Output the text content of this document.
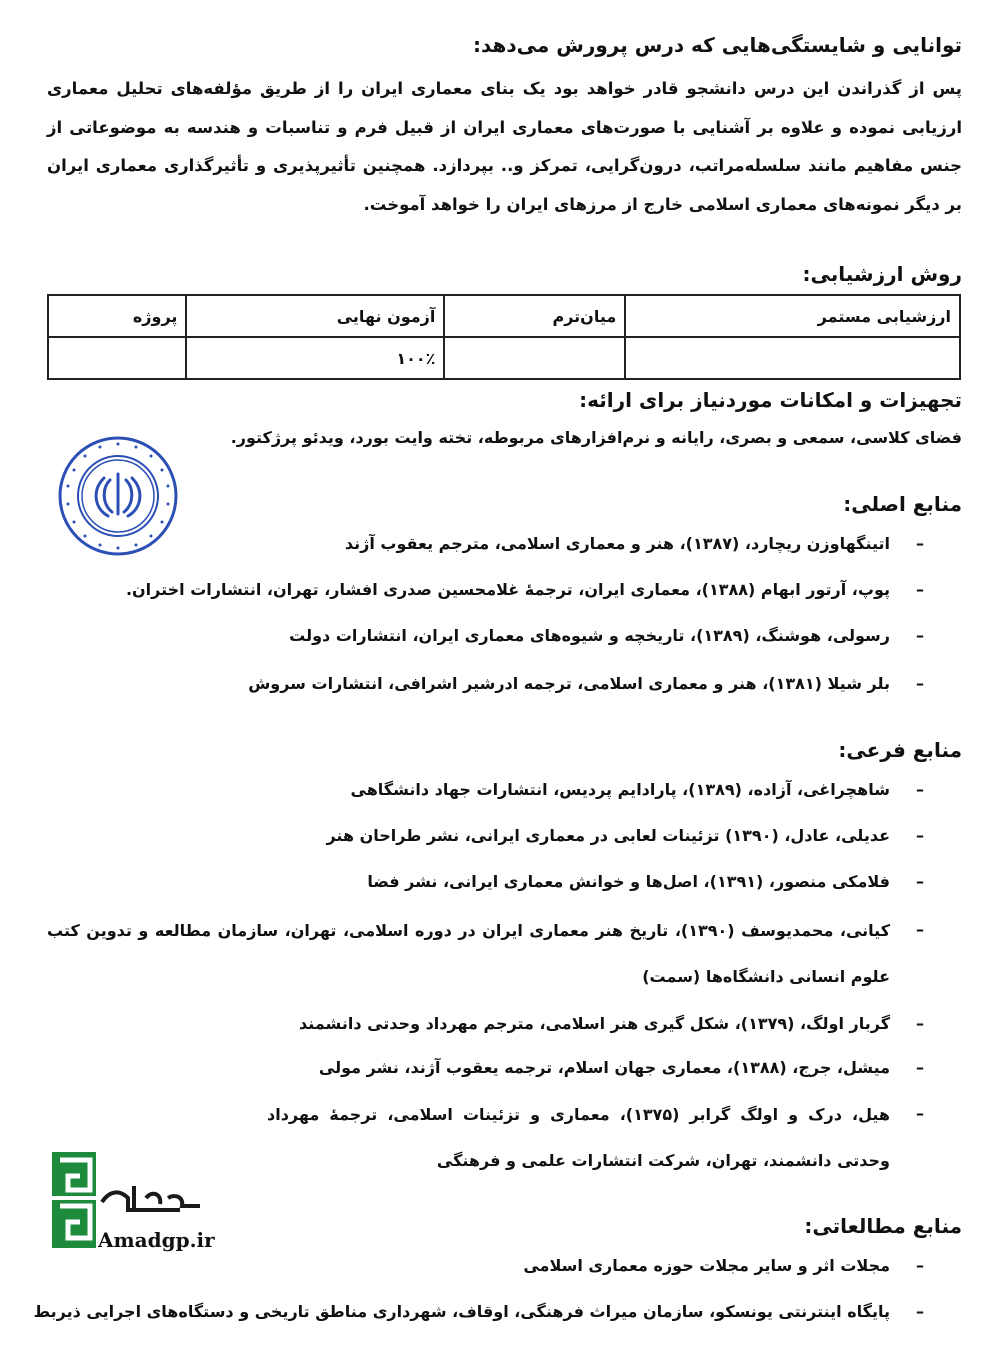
توانایی و شایستگی‌هایی که درس پرورش می‌دهد:
پس از گذراندن این درس دانشجو قادر خواهد بود یک بنای معماری ایران را از طریق مؤلفه‌های تحلیل معماری ارزیابی نموده و علاوه بر آشنایی با صورت‌های معماری ایران از قبیل فرم و تناسبات و هندسه به موضوعاتی از جنس مفاهیم مانند سلسله‌مراتب، درون‌گرایی، تمرکز و.. بپردازد. همچنین تأثیرپذیری و تأثیرگذاری معماری ایران بر دیگر نمونه‌های معماری اسلامی خارج از مرزهای ایران را خواهد آموخت.
روش ارزشیابی:
ارزشیابی مستمر	میان‌ترم	آزمون نهایی	پروژه
		۱۰۰٪	
تجهیزات و امکانات موردنیاز برای ارائه:
فضای کلاسی، سمعی و بصری، رایانه و نرم‌افزارهای مربوطه، تخته وایت بورد، ویدئو پرژکتور.
منابع اصلی:
–
اتینگهاوزن ریچارد، (۱۳۸۷)، هنر و معماری اسلامی، مترجم یعقوب آژند
–
پوپ، آرتور ابهام (۱۳۸۸)، معماری ایران، ترجمهٔ غلامحسین صدری افشار، تهران، انتشارات اختران.
–
رسولی، هوشنگ، (۱۳۸۹)، تاریخچه و شیوه‌های معماری ایران، انتشارات دولت
–
بلر شیلا (۱۳۸۱)، هنر و معماری اسلامی، ترجمه ادرشیر اشرافی، انتشارات سروش
منابع فرعی:
–
شاهچراغی، آزاده، (۱۳۸۹)، پارادایم پردیس، انتشارات جهاد دانشگاهی
–
عدیلی، عادل، (۱۳۹۰) تزئینات لعابی در معماری ایرانی، نشر طراحان هنر
–
فلامکی منصور، (۱۳۹۱)، اصل‌ها و خوانش معماری ایرانی، نشر فضا
–
کیانی، محمدیوسف (۱۳۹۰)، تاریخ هنر معماری ایران در دوره اسلامی، تهران، سازمان مطالعه و تدوین کتب علوم انسانی دانشگاه‌ها (سمت)
–
گربار اولگ، (۱۳۷۹)، شکل گیری هنر اسلامی، مترجم مهرداد وحدتی دانشمند
–
میشل، جرج، (۱۳۸۸)، معماری جهان اسلام، ترجمه یعقوب آژند، نشر مولی
–
هیل، درک و اولگ گرابر (۱۳۷۵)، معماری و تزئینات اسلامی، ترجمهٔ مهرداد وحدتی دانشمند، تهران، شرکت انتشارات علمی و فرهنگی
منابع مطالعاتی:
–
مجلات اثر و سایر مجلات حوزه معماری اسلامی
–
پایگاه اینترنتی یونسکو، سازمان میراث فرهنگی، اوقاف، شهرداری مناطق تاریخی و دستگاه‌های اجرایی ذیربط
Amadgp.ir
